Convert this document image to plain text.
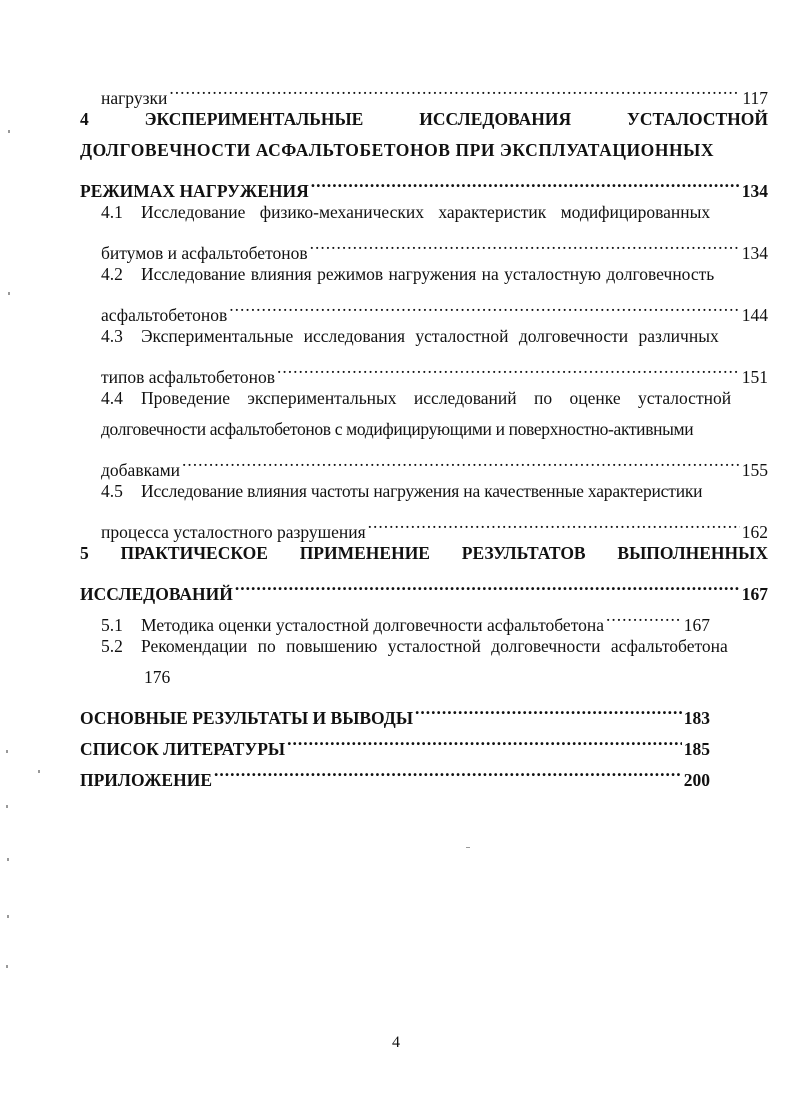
нагрузки .....	117
4	ЭКСПЕРИМЕНТАЛЬНЫЕ	ИССЛЕДОВАНИЯ	УСТАЛОСТНОЙ
ДОЛГОВЕЧНОСТИ АСФАЛЬТОБЕТОНОВ ПРИ ЭКСПЛУАТАЦИОННЫХ
РЕЖИМАХ НАГРУЖЕНИЯ .....	134
4.1	Исследование физико-механических характеристик модифицированных
битумов и асфальтобетонов .....	134
4.2	Исследование влияния режимов нагружения на усталостную долговечность
асфальтобетонов .....	144
4.3	Экспериментальные исследования усталостной долговечности различных
типов асфальтобетонов .....	151
4.4	Проведение экспериментальных исследований по оценке усталостной
долговечности асфальтобетонов с модифицирующими и поверхностно-активными
добавками .....	155
4.5	Исследование влияния частоты нагружения на качественные характеристики
процесса усталостного разрушения .....	162
5 ПРАКТИЧЕСКОЕ ПРИМЕНЕНИЕ РЕЗУЛЬТАТОВ ВЫПОЛНЕННЫХ
ИССЛЕДОВАНИЙ .....	167
5.1	Методика оценки усталостной долговечности асфальтобетона .....	167
5.2	Рекомендации по повышению усталостной долговечности асфальтобетона
176
ОСНОВНЫЕ РЕЗУЛЬТАТЫ И ВЫВОДЫ .....	183
СПИСОК ЛИТЕРАТУРЫ .....	185
ПРИЛОЖЕНИЕ .....	200
4
